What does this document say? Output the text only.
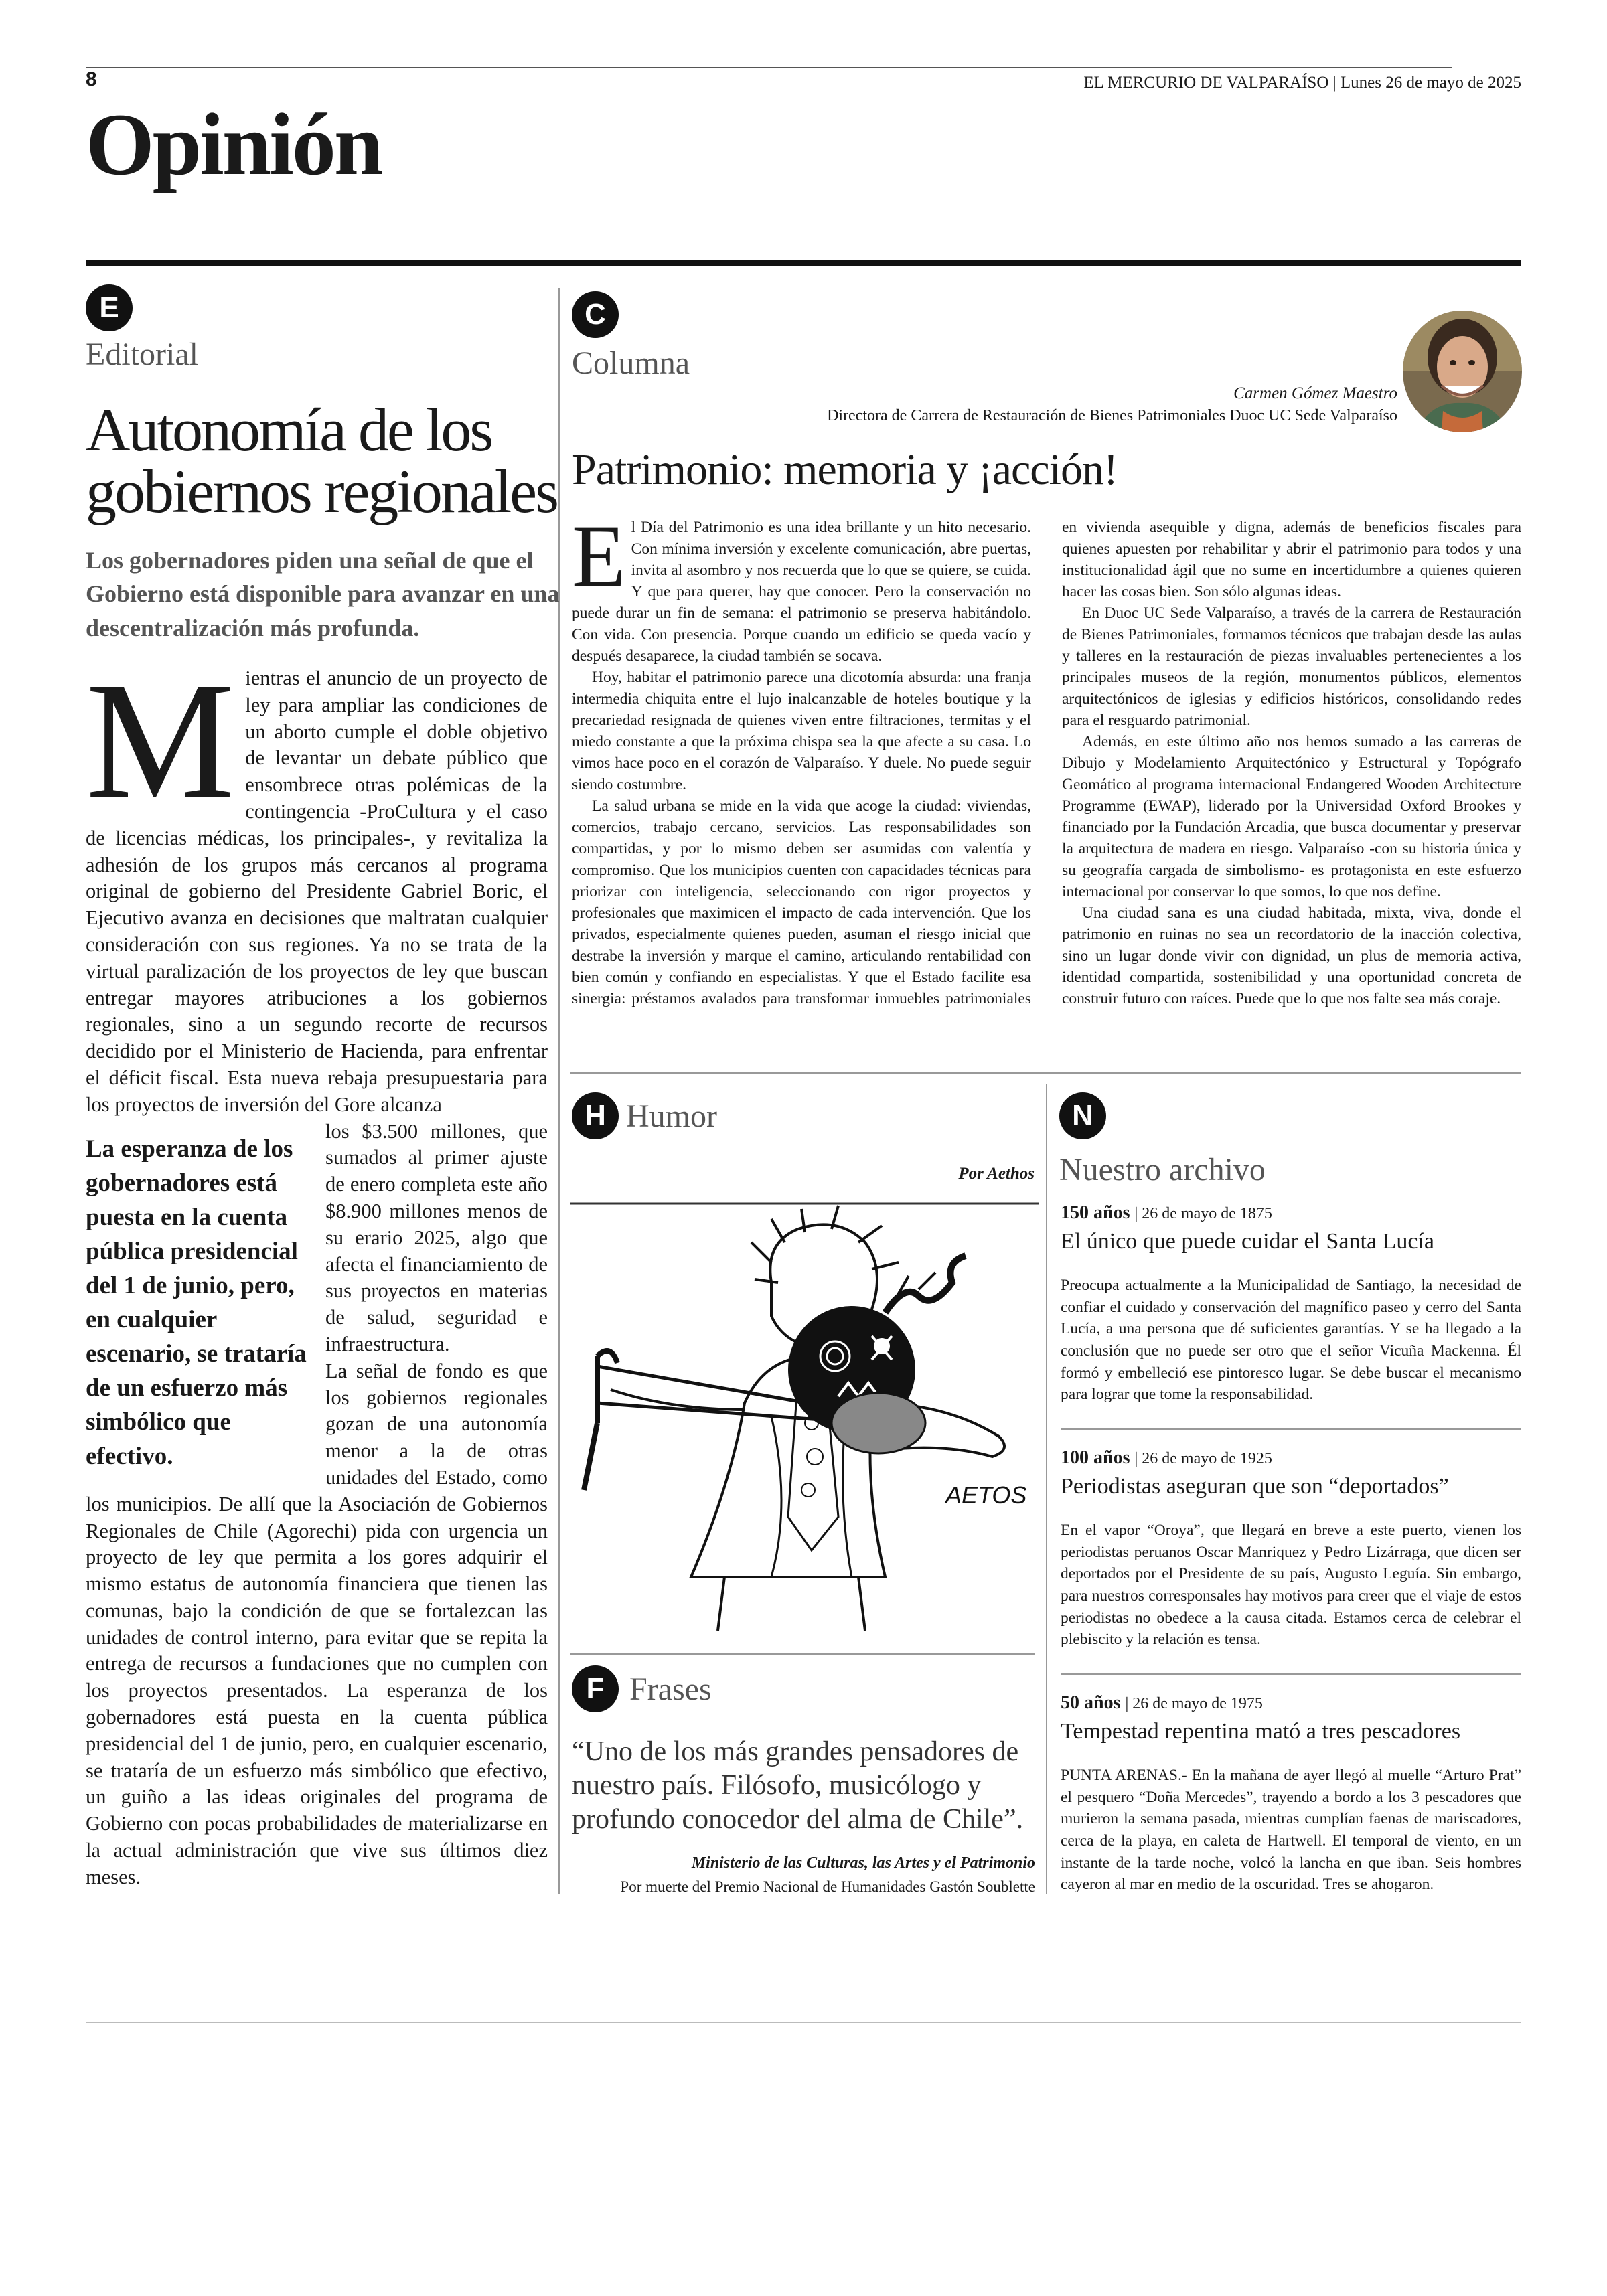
8	EL MERCURIO DE VALPARAÍSO | Lunes 26 de mayo de 2025
Opinión
E
Editorial
Autonomía de los
gobiernos regionales
Los gobernadores piden una señal de que el Gobierno está disponible para avanzar en una descentralización más profunda.
M ientras el anuncio de un proyecto de ley para ampliar las condiciones de un aborto cumple el doble objetivo de levantar un debate público que ensombrece otras polémicas de la contingencia -ProCultura y el caso de licencias médicas, los principales-, y revitaliza la adhesión de los grupos más cercanos al programa original de gobierno del Presidente Gabriel Boric, el Ejecutivo avanza en decisiones que maltratan cualquier consideración con sus regiones. Ya no se trata de la virtual paralización de los proyectos de ley que buscan entregar mayores atribuciones a los gobiernos regionales, sino a un segundo recorte de recursos decidido por el Ministerio de Hacienda, para enfrentar el déficit fiscal. Esta nueva rebaja presupuestaria para los proyectos de inversión del Gore alcanza

La esperanza de los gobernadores está puesta en la cuenta pública presidencial del 1 de junio, pero, en cualquier escenario, se trataría de un esfuerzo más simbólico que efectivo.

los $3.500 millones, que sumados al primer ajuste de enero completa este año $8.900 millones menos de su erario 2025, algo que afecta el financiamiento de sus proyectos en materias de salud, seguridad e infraestructura.

La señal de fondo es que los gobiernos regionales gozan de una autonomía menor a la de otras unidades del Estado, como los municipios. De allí que la Asociación de Gobiernos Regionales de Chile (Agorechi) pida con urgencia un proyecto de ley que permita a los gores adquirir el mismo estatus de autonomía financiera que tienen las comunas, bajo la condición de que se fortalezcan las unidades de control interno, para evitar que se repita la entrega de recursos a fundaciones que no cumplen con los proyectos presentados. La esperanza de los gobernadores está puesta en la cuenta pública presidencial del 1 de junio, pero, en cualquier escenario, se trataría de un esfuerzo más simbólico que efectivo, un guiño a las ideas originales del programa de Gobierno con pocas probabilidades de materializarse en la actual administración que vive sus últimos diez meses.

C
Columna
Carmen Gómez Maestro
Directora de Carrera de Restauración de Bienes Patrimoniales Duoc UC Sede Valparaíso
Patrimonio: memoria y ¡acción!

El Día del Patrimonio es una idea brillante y un hito necesario. Con mínima inversión y excelente comunicación, abre puertas, invita al asombro y nos recuerda que lo que se quiere, se cuida. Y que para querer, hay que conocer. Pero la conservación no puede durar un fin de semana: el patrimonio se preserva habitándolo. Con vida. Con presencia. Porque cuando un edificio se queda vacío y después desaparece, la ciudad también se socava.

Hoy, habitar el patrimonio parece una dicotomía absurda: una franja intermedia chiquita entre el lujo inalcanzable de hoteles boutique y la precariedad resignada de quienes viven entre filtraciones, termitas y el miedo constante a que la próxima chispa sea la que afecte a su casa. Lo vimos hace poco en el corazón de Valparaíso. Y duele. No puede seguir siendo costumbre.

La salud urbana se mide en la vida que acoge la ciudad: viviendas, comercios, trabajo cercano, servicios. Las responsabilidades son compartidas, y por lo mismo deben ser asumidas con valentía y compromiso. Que los municipios cuenten con capacidades técnicas para priorizar con inteligencia, seleccionando con rigor proyectos y profesionales que maximicen el impacto de cada intervención. Que los privados, especialmente quienes pueden, asuman el riesgo inicial que destrabe la inversión y marque el camino, articulando rentabilidad con bien común y confiando en especialistas. Y que el Estado facilite esa sinergia: préstamos avalados para transformar inmuebles patrimoniales en vivienda asequible y digna, además de beneficios fiscales para quienes apuesten por rehabilitar y abrir el patrimonio para todos y una institucionalidad ágil que no sume en incertidumbre a quienes quieren hacer las cosas bien. Son sólo algunas ideas.

En Duoc UC Sede Valparaíso, a través de la carrera de Restauración de Bienes Patrimoniales, formamos técnicos que trabajan desde las aulas y talleres en la restauración de piezas invaluables pertenecientes a los principales museos de la región, monumentos públicos, elementos arquitectónicos de iglesias y edificios históricos, consolidando redes para el resguardo patrimonial.

Además, en este último año nos hemos sumado a las carreras de Dibujo y Modelamiento Arquitectónico y Estructural y Topógrafo Geomático al programa internacional Endangered Wooden Architecture Programme (EWAP), liderado por la Universidad Oxford Brookes y financiado por la Fundación Arcadia, que busca documentar y preservar la arquitectura de madera en riesgo. Valparaíso -con su historia única y su geografía cargada de simbolismo- es protagonista en este esfuerzo internacional por conservar lo que somos, lo que nos define.

Una ciudad sana es una ciudad habitada, mixta, viva, donde el patrimonio en ruinas no sea un recordatorio de la inacción colectiva, sino un lugar donde vivir con dignidad, un plus de memoria activa, identidad compartida, sostenibilidad y una oportunidad concreta de construir futuro con raíces. Puede que lo que nos falte sea más coraje.

H Humor
Por Aethos
AETOS
F Frases
“Uno de los más grandes pensadores de nuestro país. Filósofo, musicólogo y profundo conocedor del alma de Chile”.
Ministerio de las Culturas, las Artes y el Patrimonio
Por muerte del Premio Nacional de Humanidades Gastón Soublette
N
Nuestro archivo
150 años | 26 de mayo de 1875
El único que puede cuidar el Santa Lucía
Preocupa actualmente a la Municipalidad de Santiago, la necesidad de confiar el cuidado y conservación del magnífico paseo y cerro del Santa Lucía, a una persona que dé suficientes garantías. Y se ha llegado a la conclusión que no puede ser otro que el señor Vicuña Mackenna. Él formó y embelleció ese pintoresco lugar. Se debe buscar el mecanismo para lograr que tome la responsabilidad.
100 años | 26 de mayo de 1925
Periodistas aseguran que son “deportados”
En el vapor “Oroya”, que llegará en breve a este puerto, vienen los periodistas peruanos Oscar Manriquez y Pedro Lizárraga, que dicen ser deportados por el Presidente de su país, Augusto Leguía. Sin embargo, para nuestros corresponsales hay motivos para creer que el viaje de estos periodistas no obedece a la causa citada. Estamos cerca de celebrar el plebiscito y la relación es tensa.
50 años | 26 de mayo de 1975
Tempestad repentina mató a tres pescadores
PUNTA ARENAS.- En la mañana de ayer llegó al muelle “Arturo Prat” el pesquero “Doña Mercedes”, trayendo a bordo a los 3 pescadores que murieron la semana pasada, mientras cumplían faenas de mariscadores, cerca de la playa, en caleta de Hartwell. El temporal de viento, en un instante de la tarde noche, volcó la lancha en que iban. Seis hombres cayeron al mar en medio de la oscuridad. Tres se ahogaron.
